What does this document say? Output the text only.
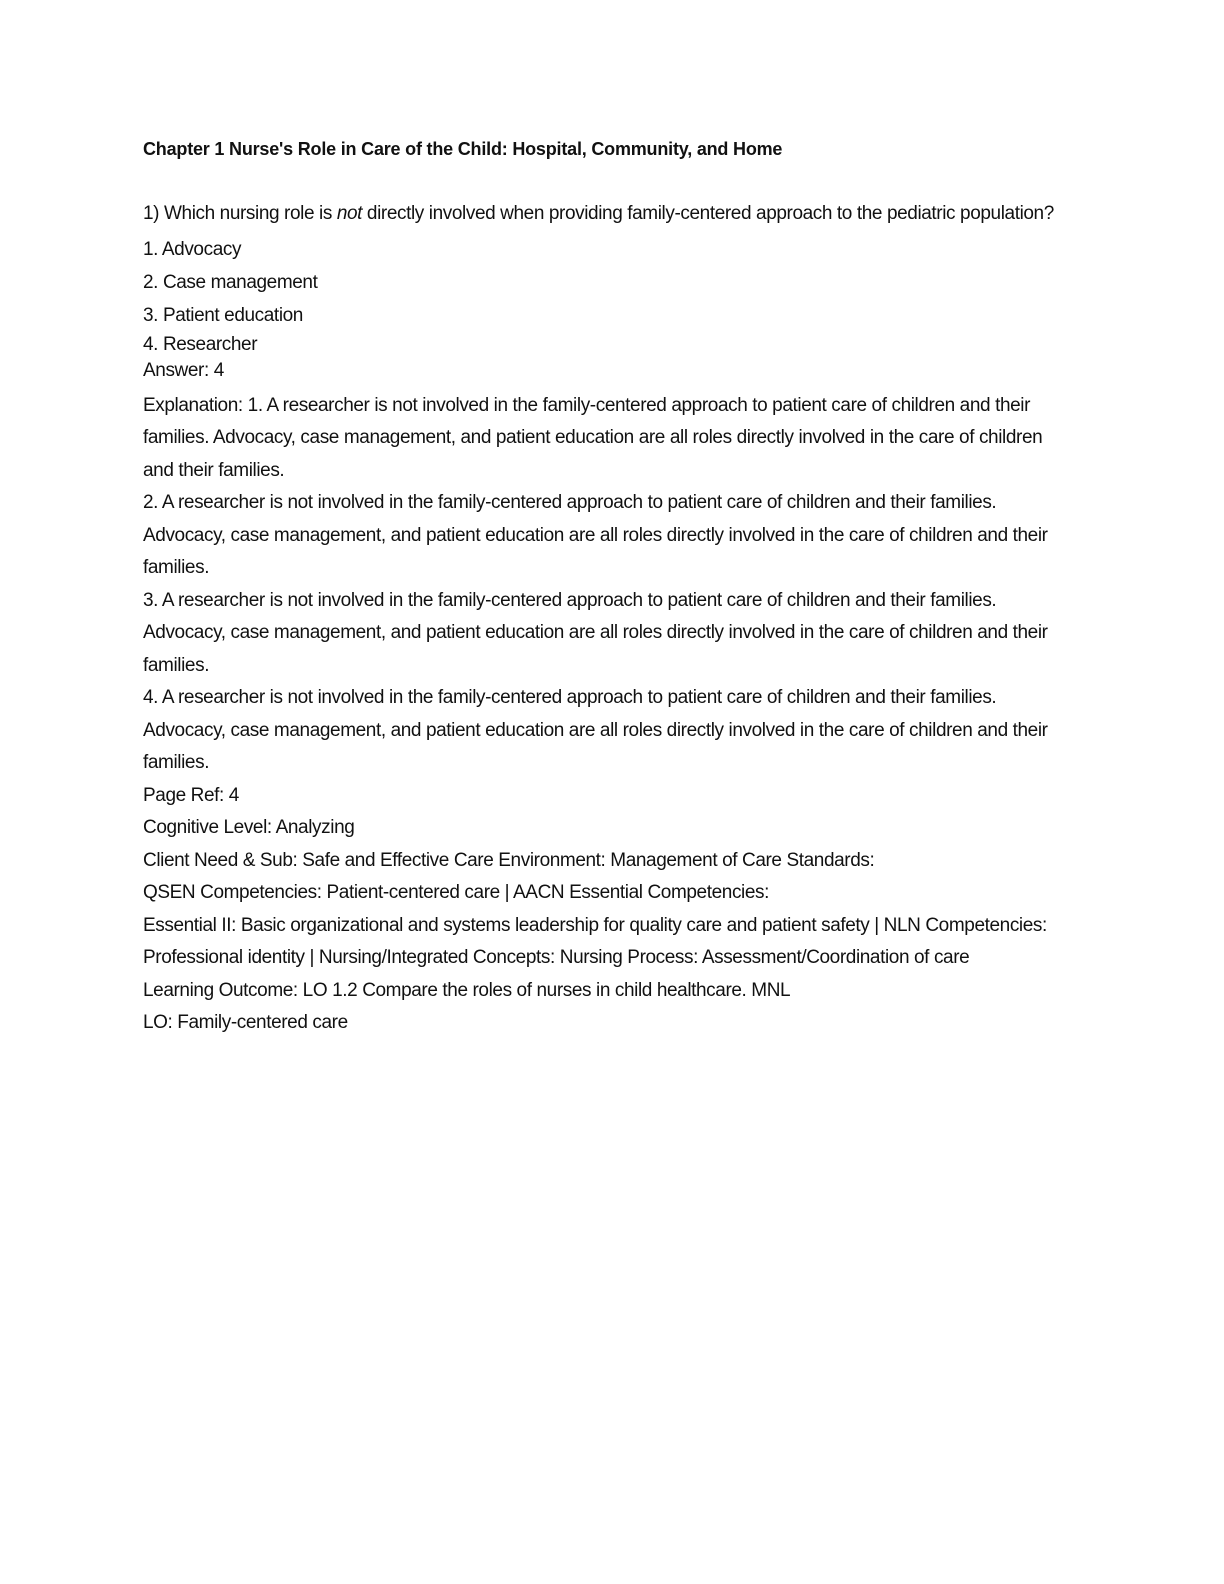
Chapter 1 Nurse's Role in Care of the Child: Hospital, Community, and Home

1) Which nursing role is not directly involved when providing family-centered approach to the pediatric population?

1. Advocacy

2. Case management

3. Patient education

4. Researcher

Answer: 4

Explanation: 1. A researcher is not involved in the family-centered approach to patient care of children and their families. Advocacy, case management, and patient education are all roles directly involved in the care of children and their families.

2. A researcher is not involved in the family-centered approach to patient care of children and their families. Advocacy, case management, and patient education are all roles directly involved in the care of children and their families.

3. A researcher is not involved in the family-centered approach to patient care of children and their families. Advocacy, case management, and patient education are all roles directly involved in the care of children and their families.

4. A researcher is not involved in the family-centered approach to patient care of children and their families. Advocacy, case management, and patient education are all roles directly involved in the care of children and their families.

Page Ref: 4

Cognitive Level: Analyzing

Client Need & Sub: Safe and Effective Care Environment: Management of Care Standards:

QSEN Competencies: Patient-centered care | AACN Essential Competencies:

Essential II: Basic organizational and systems leadership for quality care and patient safety | NLN Competencies: Professional identity | Nursing/Integrated Concepts: Nursing Process: Assessment/Coordination of care

Learning Outcome: LO 1.2 Compare the roles of nurses in child healthcare. MNL

LO: Family-centered care
